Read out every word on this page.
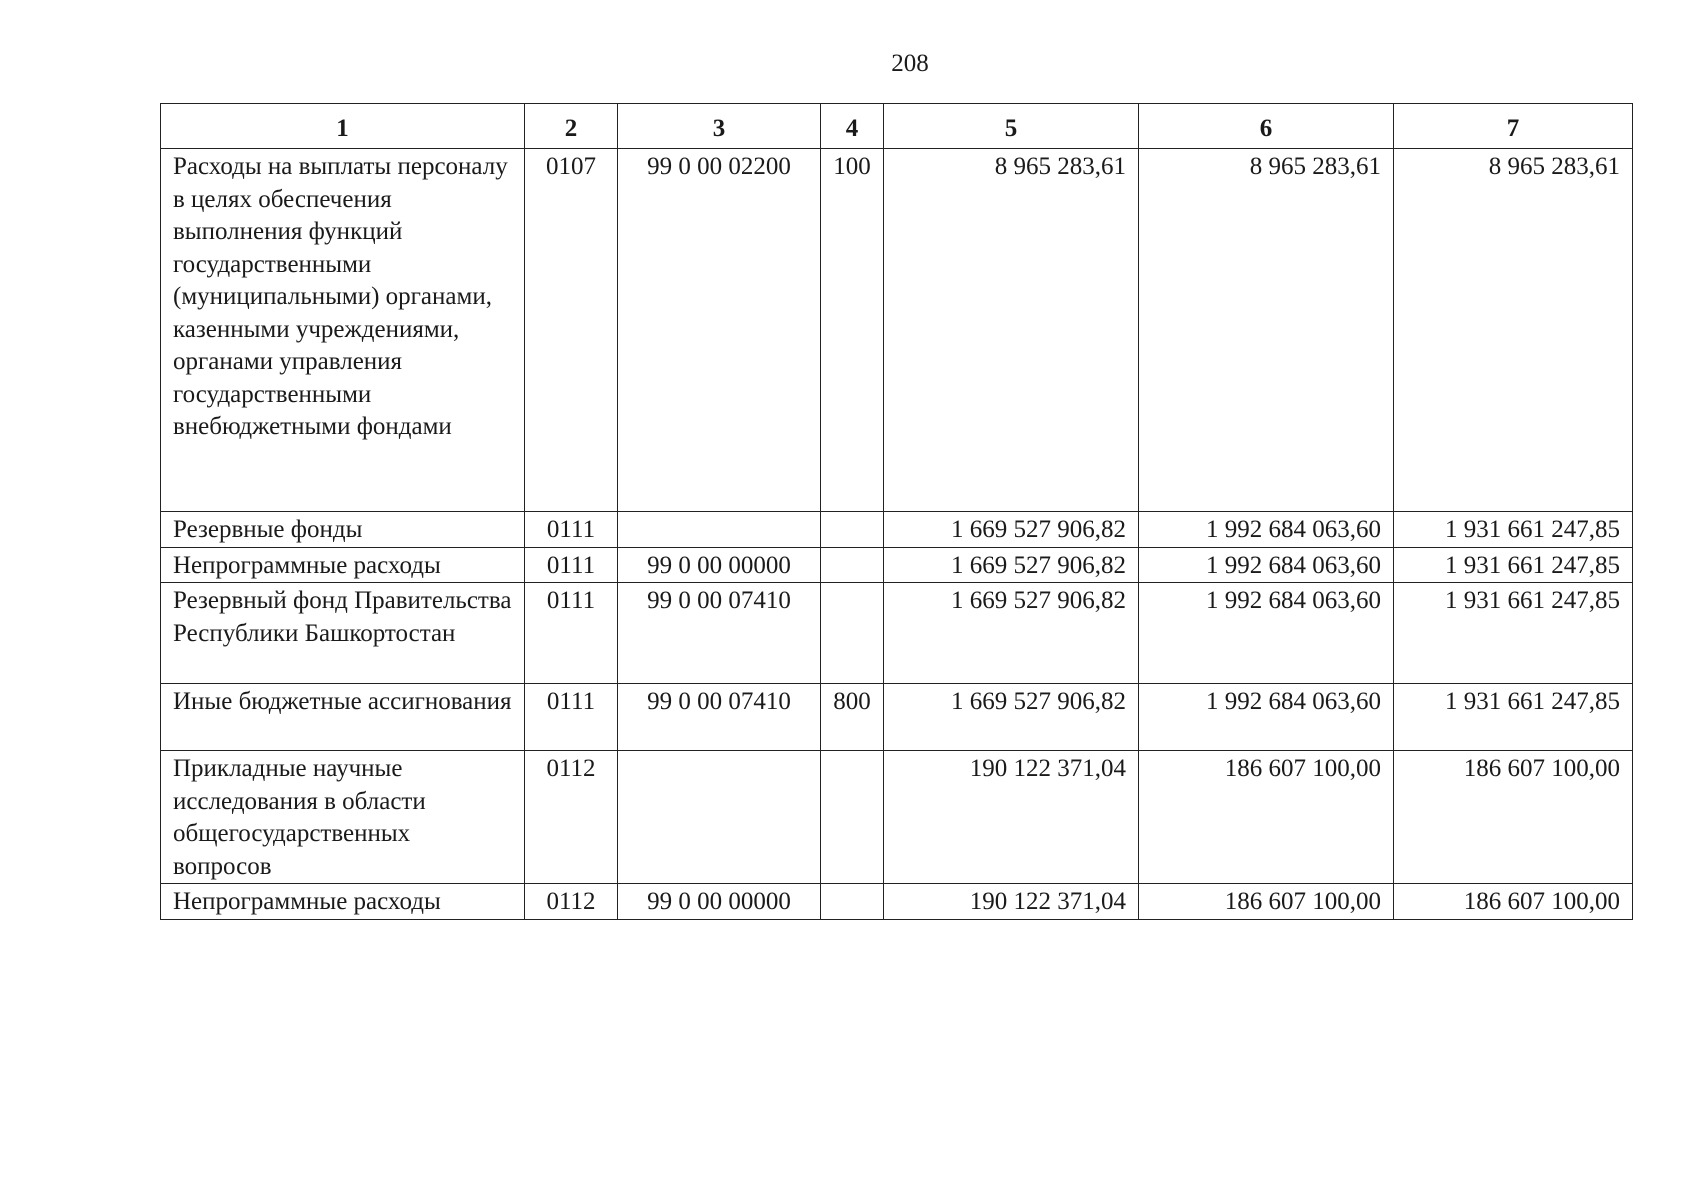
208
1	2	3	4	5	6	7
Расходы на выплаты персоналу в целях обеспечения выполнения функций государственными (муниципальными) органами, казенными учреждениями, органами управления государственными внебюджетными фондами	0107	99 0 00 02200	100	8 965 283,61	8 965 283,61	8 965 283,61
Резервные фонды	0111			1 669 527 906,82	1 992 684 063,60	1 931 661 247,85
Непрограммные расходы	0111	99 0 00 00000		1 669 527 906,82	1 992 684 063,60	1 931 661 247,85
Резервный фонд Правительства Республики Башкортостан	0111	99 0 00 07410		1 669 527 906,82	1 992 684 063,60	1 931 661 247,85
Иные бюджетные ассигнования	0111	99 0 00 07410	800	1 669 527 906,82	1 992 684 063,60	1 931 661 247,85
Прикладные научные исследования в области общегосударственных вопросов	0112			190 122 371,04	186 607 100,00	186 607 100,00
Непрограммные расходы	0112	99 0 00 00000		190 122 371,04	186 607 100,00	186 607 100,00
